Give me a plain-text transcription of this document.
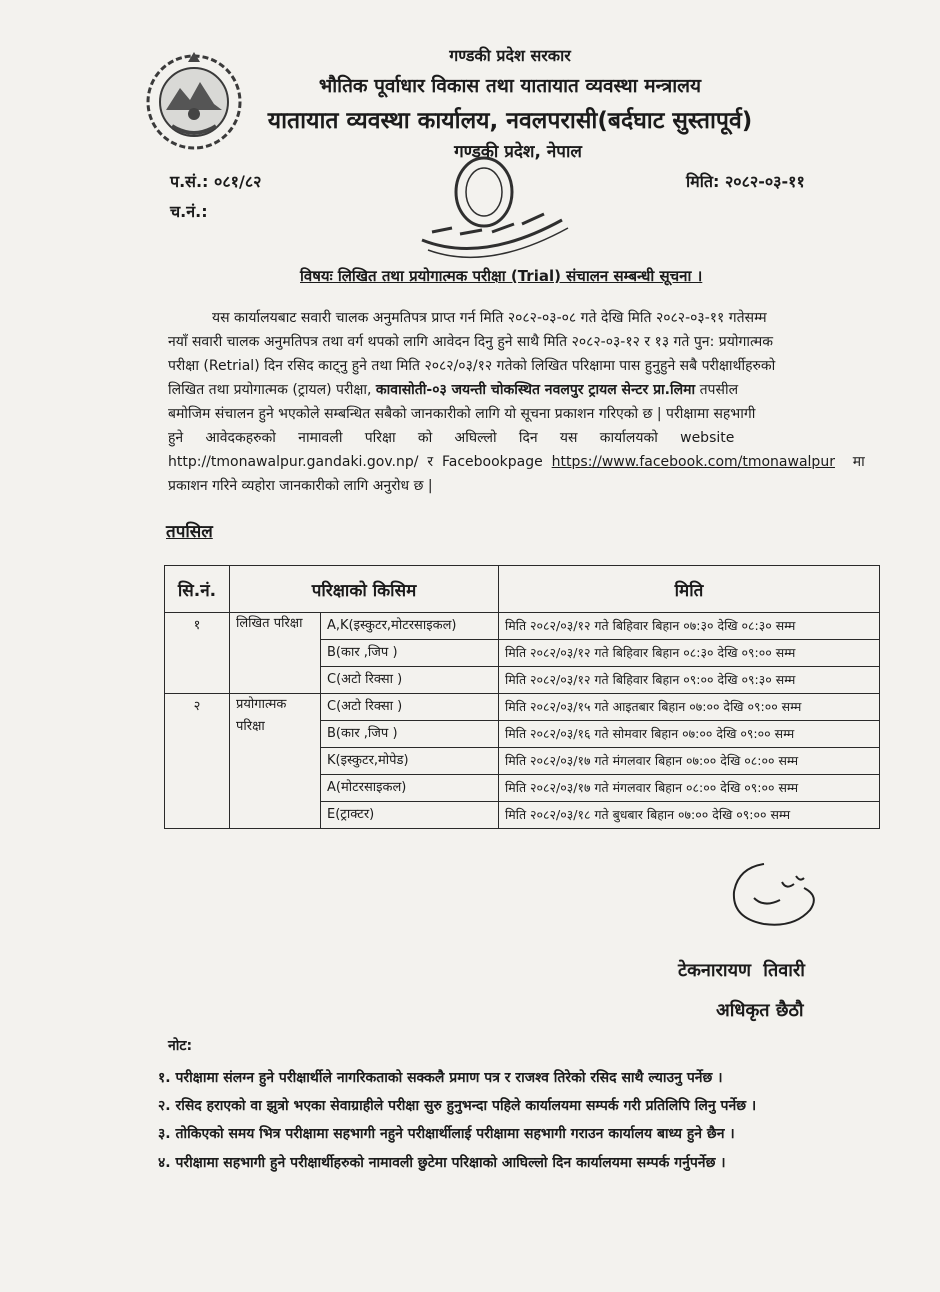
गण्डकी प्रदेश सरकार
भौतिक पूर्वाधार विकास तथा यातायात व्यवस्था मन्त्रालय
यातायात व्यवस्था कार्यालय, नवलपरासी(बर्दघाट सुस्तापूर्व)
गण्डकी प्रदेश, नेपाल
प.सं.: ०८१/८२
च.नं.:
मिति: २०८२-०३-११
विषयः लिखित तथा प्रयोगात्मक परीक्षा (Trial) संचालन सम्बन्धी सूचना ।
यस कार्यालयबाट सवारी चालक अनुमतिपत्र प्राप्त गर्न मिति २०८२-०३-०८ गते देखि मिति २०८२-०३-११ गतेसम्म
नयाँ सवारी चालक अनुमतिपत्र तथा वर्ग थपको लागि आवेदन दिनु हुने साथै मिति २०८२-०३-१२ र १३ गते पुन: प्रयोगात्मक
परीक्षा (Retrial) दिन रसिद काट्नु हुने तथा मिति २०८२/०३/१२ गतेको लिखित परिक्षामा पास हुनुहुने सबै परीक्षार्थीहरुको
लिखित तथा प्रयोगात्मक (ट्रायल) परीक्षा, कावासोती-०३ जयन्ती चोकस्थित नवलपुर ट्रायल सेन्टर प्रा.लिमा तपसील
बमोजिम संचालन हुने भएकोले सम्बन्धित सबैको जानकारीको लागि यो सूचना प्रकाशन गरिएको छ | परीक्षामा सहभागी
हुने     आवेदकहरुको     नामावली     परिक्षा     को     अघिल्लो     दिन     यस     कार्यालयको     website
http://tmonawalpur.gandaki.gov.np/  र  Facebookpage  https://www.facebook.com/tmonawalpur    मा
प्रकाशन गरिने व्यहोरा जानकारीको लागि अनुरोध छ |
तपसिल
सि.नं.	परिक्षाको किसिम		मिति
१	लिखित परिक्षा	A,K(इस्कुटर,मोटरसाइकल)	मिति २०८२/०३/१२ गते बिहिवार बिहान ०७:३० देखि ०८:३० सम्म
		B(कार ,जिप )	मिति २०८२/०३/१२ गते बिहिवार बिहान ०८:३० देखि ०९:०० सम्म
		C(अटो रिक्सा )	मिति २०८२/०३/१२ गते बिहिवार बिहान ०९:०० देखि ०९:३० सम्म
२	प्रयोगात्मक परिक्षा	C(अटो रिक्सा )	मिति २०८२/०३/१५ गते आइतबार बिहान ०७:०० देखि ०९:०० सम्म
		B(कार ,जिप )	मिति २०८२/०३/१६ गते सोमवार बिहान ०७:०० देखि ०९:०० सम्म
		K(इस्कुटर,मोपेड)	मिति २०८२/०३/१७ गते मंगलवार बिहान ०७:०० देखि ०८:०० सम्म
		A(मोटरसाइकल)	मिति २०८२/०३/१७ गते मंगलवार बिहान ०८:०० देखि ०९:०० सम्म
		E(ट्राक्टर)	मिति २०८२/०३/१८ गते बुधबार बिहान ०७:०० देखि ०९:०० सम्म
टेकनारायण तिवारी
अधिकृत छैठौ
नोट:
१. परीक्षामा संलग्न हुने परीक्षार्थीले नागरिकताको सक्कलै प्रमाण पत्र र राजश्व तिरेको रसिद साथै ल्याउनु पर्नेछ ।
२. रसिद हराएको वा झुत्रो भएका सेवाग्राहीले परीक्षा सुरु हुनुभन्दा पहिले कार्यालयमा सम्पर्क गरी प्रतिलिपि लिनु पर्नेछ ।
३. तोकिएको समय भित्र परीक्षामा सहभागी नहुने परीक्षार्थीलाई परीक्षामा सहभागी गराउन कार्यालय बाध्य हुने छैन ।
४. परीक्षामा सहभागी हुने परीक्षार्थीहरुको नामावली छुटेमा परिक्षाको आघिल्लो दिन कार्यालयमा सम्पर्क गर्नुपर्नेछ ।
